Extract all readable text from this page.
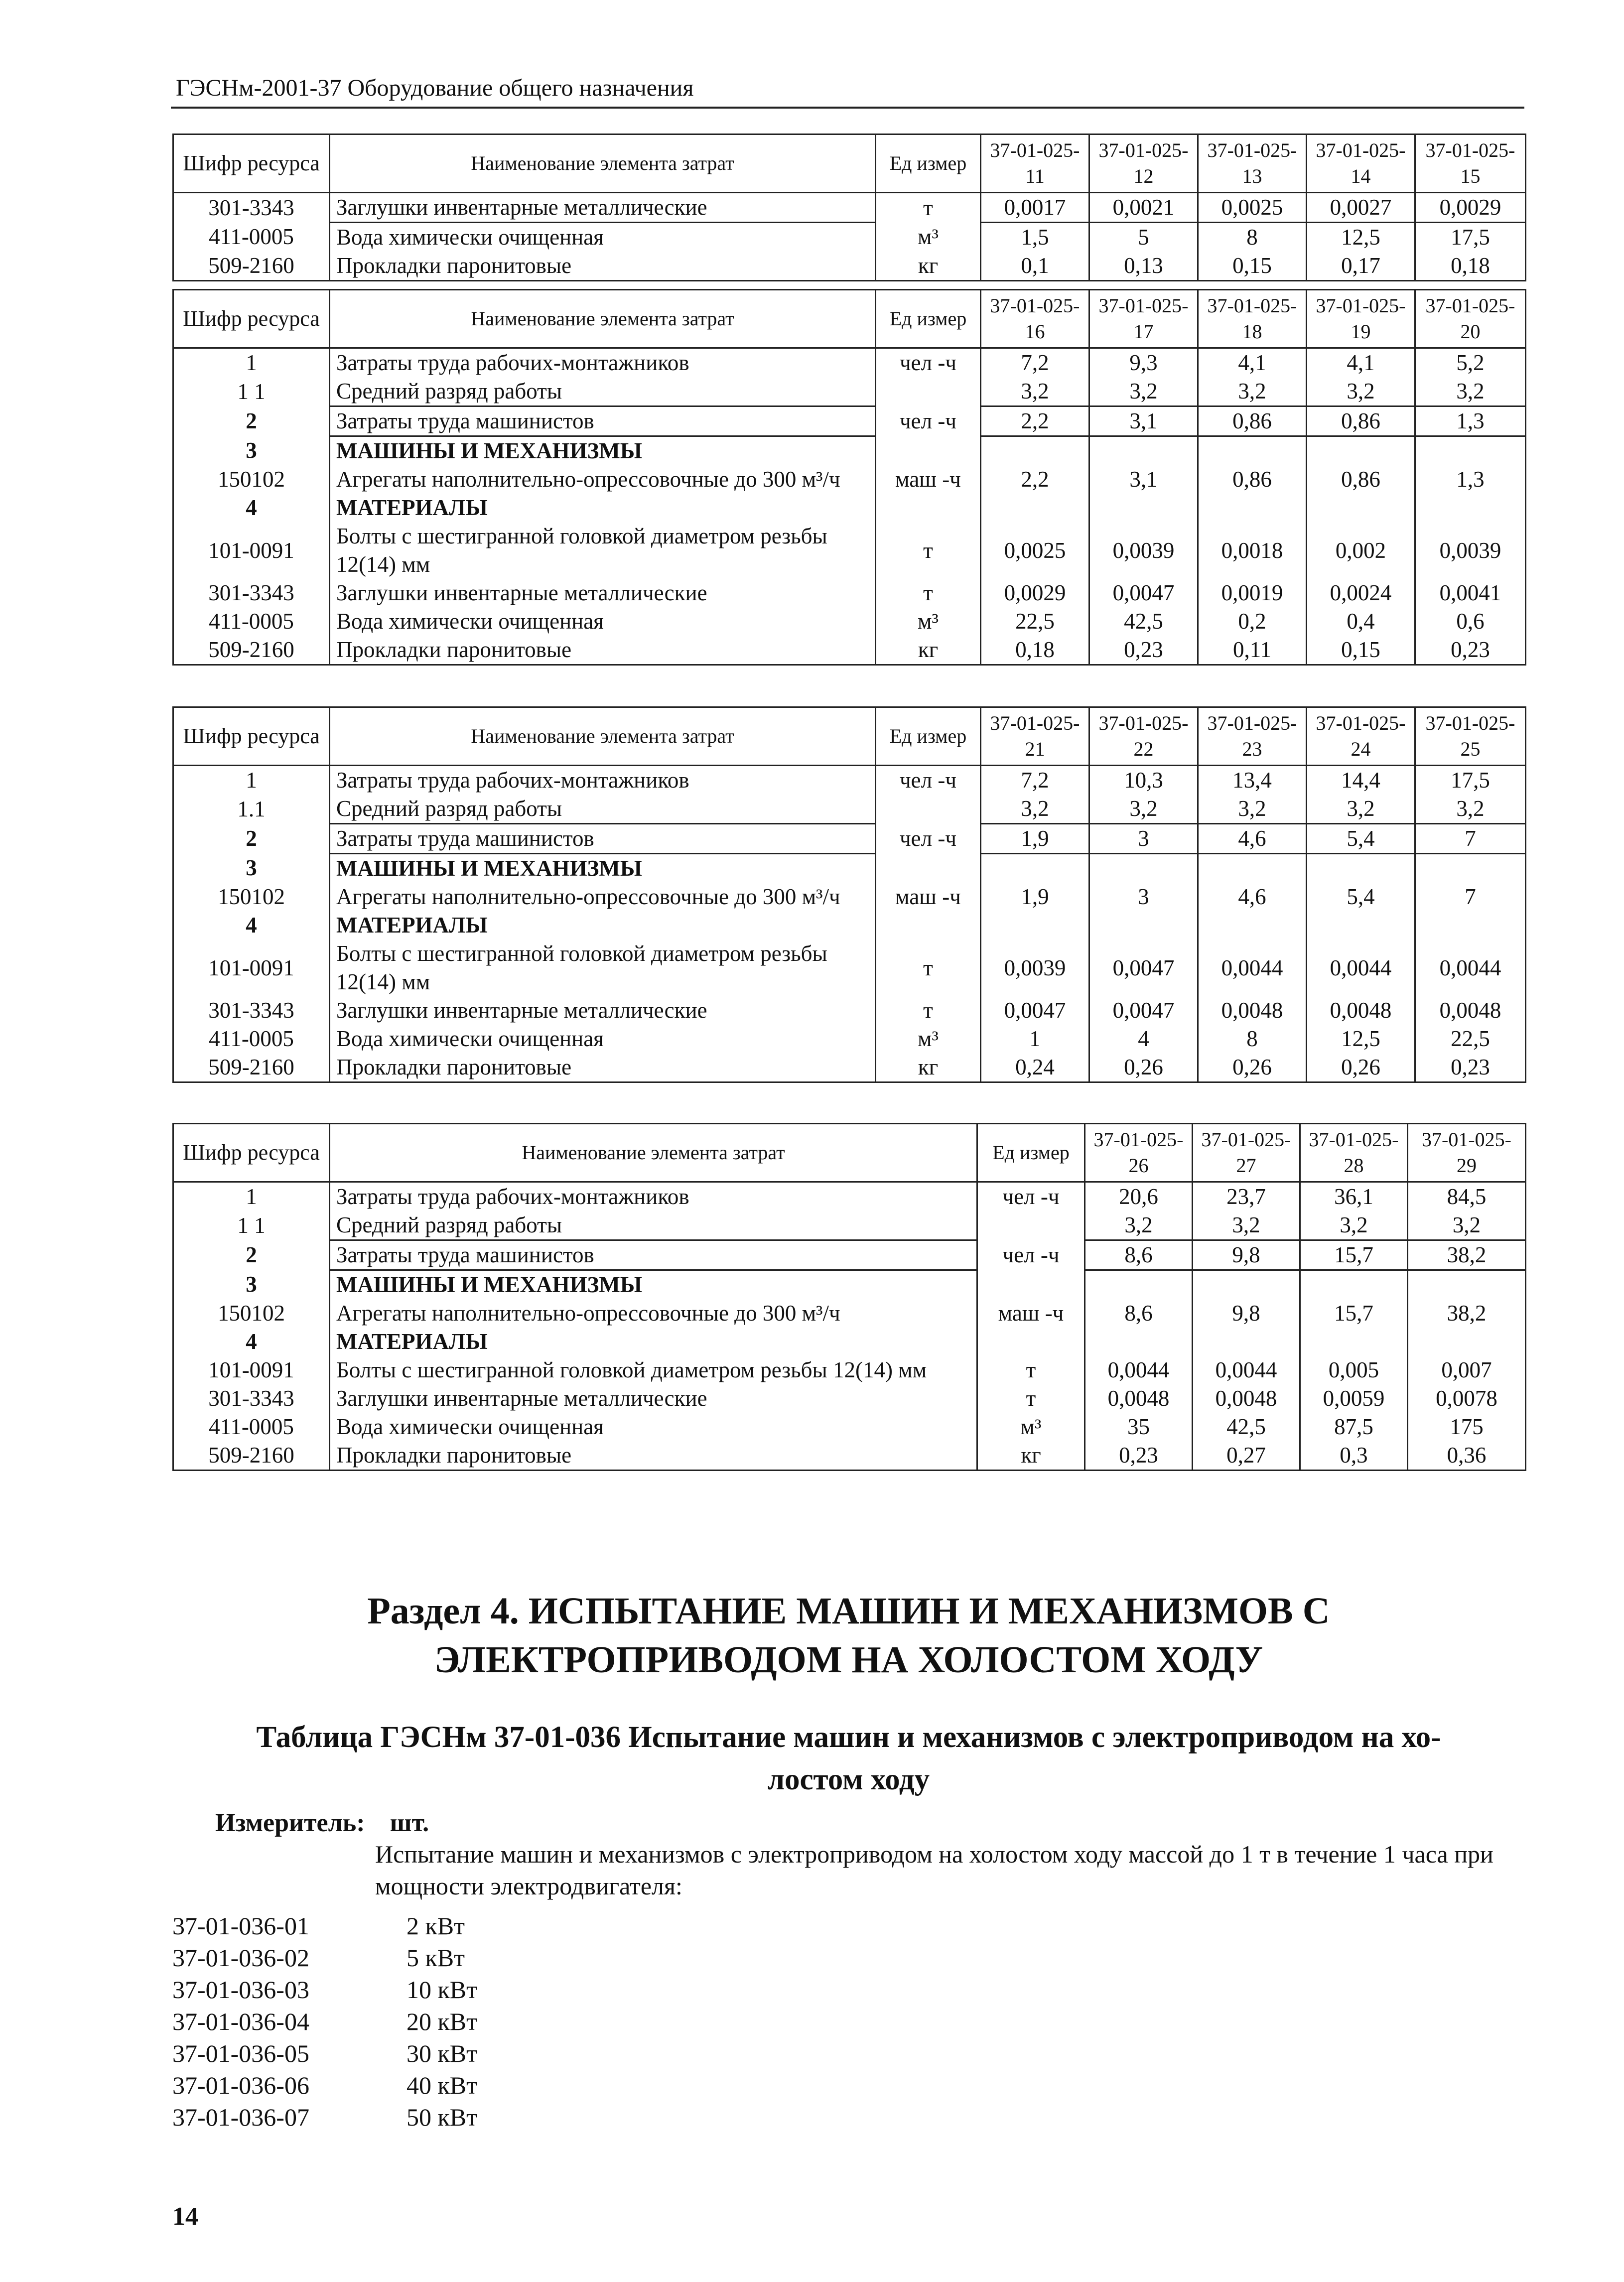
ГЭСНм-2001-37 Оборудование общего назначения
Шифр ресурса	Наименование элемента затрат	Ед измер	37-01-025-11	37-01-025-12	37-01-025-13	37-01-025-14	37-01-025-15
301-3343	Заглушки инвентарные металлические	т	0,0017	0,0021	0,0025	0,0027	0,0029
411-0005	Вода химически очищенная	м³	1,5	5	8	12,5	17,5
509-2160	Прокладки паронитовые	кг	0,1	0,13	0,15	0,17	0,18
Шифр ресурса	Наименование элемента затрат	Ед измер	37-01-025-16	37-01-025-17	37-01-025-18	37-01-025-19	37-01-025-20
1	Затраты труда рабочих-монтажников	чел -ч	7,2	9,3	4,1	4,1	5,2
1 1	Средний разряд работы		3,2	3,2	3,2	3,2	3,2
2	Затраты труда машинистов	чел -ч	2,2	3,1	0,86	0,86	1,3
3	МАШИНЫ И МЕХАНИЗМЫ						
150102	Агрегаты наполнительно-опрессовочные до 300 м³/ч	маш -ч	2,2	3,1	0,86	0,86	1,3
4	МАТЕРИАЛЫ						
101-0091	Болты с шестигранной головкой диаметром резьбы 12(14) мм	т	0,0025	0,0039	0,0018	0,002	0,0039
301-3343	Заглушки инвентарные металлические	т	0,0029	0,0047	0,0019	0,0024	0,0041
411-0005	Вода химически очищенная	м³	22,5	42,5	0,2	0,4	0,6
509-2160	Прокладки паронитовые	кг	0,18	0,23	0,11	0,15	0,23
Шифр ресурса	Наименование элемента затрат	Ед измер	37-01-025-21	37-01-025-22	37-01-025-23	37-01-025-24	37-01-025-25
1	Затраты труда рабочих-монтажников	чел -ч	7,2	10,3	13,4	14,4	17,5
1.1	Средний разряд работы		3,2	3,2	3,2	3,2	3,2
2	Затраты труда машинистов	чел -ч	1,9	3	4,6	5,4	7
3	МАШИНЫ И МЕХАНИЗМЫ						
150102	Агрегаты наполнительно-опрессовочные до 300 м³/ч	маш -ч	1,9	3	4,6	5,4	7
4	МАТЕРИАЛЫ						
101-0091	Болты с шестигранной головкой диаметром резьбы 12(14) мм	т	0,0039	0,0047	0,0044	0,0044	0,0044
301-3343	Заглушки инвентарные металлические	т	0,0047	0,0047	0,0048	0,0048	0,0048
411-0005	Вода химически очищенная	м³	1	4	8	12,5	22,5
509-2160	Прокладки паронитовые	кг	0,24	0,26	0,26	0,26	0,23
Шифр ресурса	Наименование элемента затрат	Ед измер	37-01-025-26	37-01-025-27	37-01-025-28	37-01-025-29
1	Затраты труда рабочих-монтажников	чел -ч	20,6	23,7	36,1	84,5
1 1	Средний разряд работы		3,2	3,2	3,2	3,2
2	Затраты труда машинистов	чел -ч	8,6	9,8	15,7	38,2
3	МАШИНЫ И МЕХАНИЗМЫ					
150102	Агрегаты наполнительно-опрессовочные до 300 м³/ч	маш -ч	8,6	9,8	15,7	38,2
4	МАТЕРИАЛЫ					
101-0091	Болты с шестигранной головкой диаметром резьбы 12(14) мм	т	0,0044	0,0044	0,005	0,007
301-3343	Заглушки инвентарные металлические	т	0,0048	0,0048	0,0059	0,0078
411-0005	Вода химически очищенная	м³	35	42,5	87,5	175
509-2160	Прокладки паронитовые	кг	0,23	0,27	0,3	0,36
Раздел 4. ИСПЫТАНИЕ МАШИН И МЕХАНИЗМОВ С
ЭЛЕКТРОПРИВОДОМ НА ХОЛОСТОМ ХОДУ
Таблица ГЭСНм 37-01-036 Испытание машин и механизмов с электроприводом на хо-
лостом ходу
Измеритель: шт.
Испытание машин и механизмов с электроприводом на холостом ходу массой до 1 т в течение 1 часа при мощности электродвигателя:
37-01-036-01	2 кВт
37-01-036-02	5 кВт
37-01-036-03	10 кВт
37-01-036-04	20 кВт
37-01-036-05	30 кВт
37-01-036-06	40 кВт
37-01-036-07	50 кВт
14
